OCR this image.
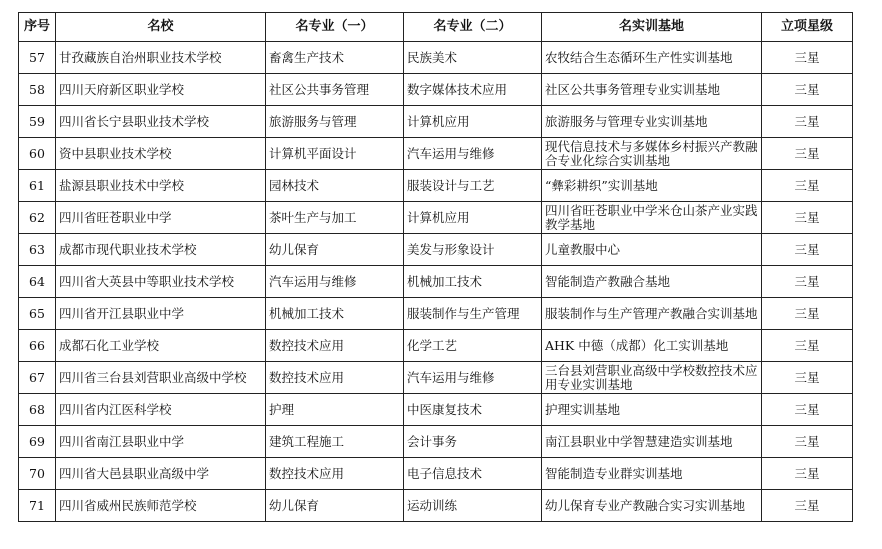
序号	名校	名专业（一）	名专业（二）	名实训基地	立项星级
57	甘孜藏族自治州职业技术学校	畜禽生产技术	民族美术	农牧结合生态循环生产性实训基地	三星
58	四川天府新区职业学校	社区公共事务管理	数字媒体技术应用	社区公共事务管理专业实训基地	三星
59	四川省长宁县职业技术学校	旅游服务与管理	计算机应用	旅游服务与管理专业实训基地	三星
60	资中县职业技术学校	计算机平面设计	汽车运用与维修	现代信息技术与多媒体乡村振兴产教融合专业化综合实训基地	三星
61	盐源县职业技术中学校	园林技术	服装设计与工艺	“彝彩耕织”实训基地	三星
62	四川省旺苍职业中学	茶叶生产与加工	计算机应用	四川省旺苍职业中学米仓山茶产业实践教学基地	三星
63	成都市现代职业技术学校	幼儿保育	美发与形象设计	儿童教服中心	三星
64	四川省大英县中等职业技术学校	汽车运用与维修	机械加工技术	智能制造产教融合基地	三星
65	四川省开江县职业中学	机械加工技术	服装制作与生产管理	服装制作与生产管理产教融合实训基地	三星
66	成都石化工业学校	数控技术应用	化学工艺	AHK 中德（成都）化工实训基地	三星
67	四川省三台县刘营职业高级中学校	数控技术应用	汽车运用与维修	三台县刘营职业高级中学校数控技术应用专业实训基地	三星
68	四川省内江医科学校	护理	中医康复技术	护理实训基地	三星
69	四川省南江县职业中学	建筑工程施工	会计事务	南江县职业中学智慧建造实训基地	三星
70	四川省大邑县职业高级中学	数控技术应用	电子信息技术	智能制造专业群实训基地	三星
71	四川省威州民族师范学校	幼儿保育	运动训练	幼儿保育专业产教融合实习实训基地	三星
